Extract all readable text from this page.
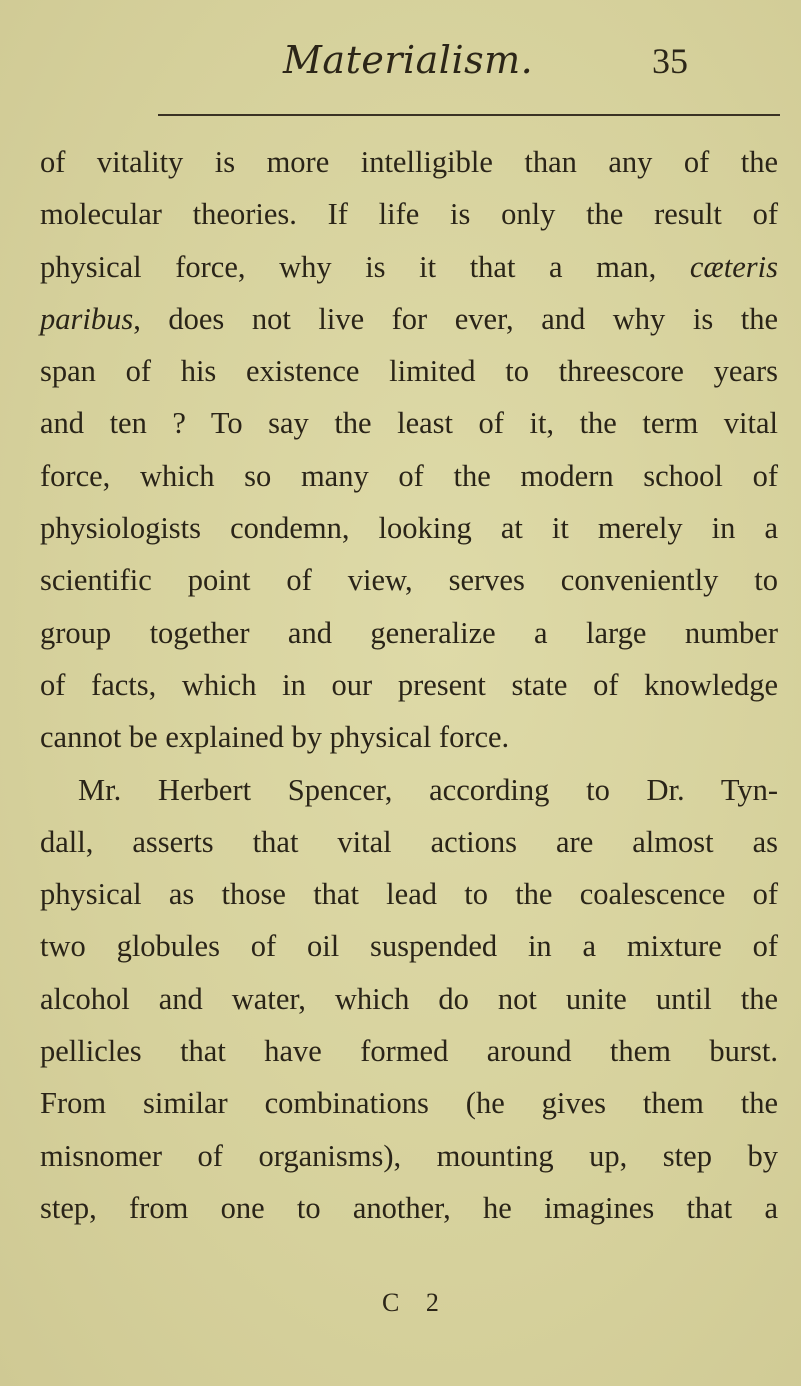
Materialism.	35
of vitality is more intelligible than any of the
molecular theories. If life is only the result of
physical force, why is it that a man, cæteris
paribus, does not live for ever, and why is the
span of his existence limited to threescore years
and ten ? To say the least of it, the term vital
force, which so many of the modern school of
physiologists condemn, looking at it merely in a
scientific point of view, serves conveniently to
group together and generalize a large number
of facts, which in our present state of knowledge
cannot be explained by physical force.
Mr. Herbert Spencer, according to Dr. Tyn-
dall, asserts that vital actions are almost as
physical as those that lead to the coalescence of
two globules of oil suspended in a mixture of
alcohol and water, which do not unite until the
pellicles that have formed around them burst.
From similar combinations (he gives them the
misnomer of organisms), mounting up, step by
step, from one to another, he imagines that a
C 2
